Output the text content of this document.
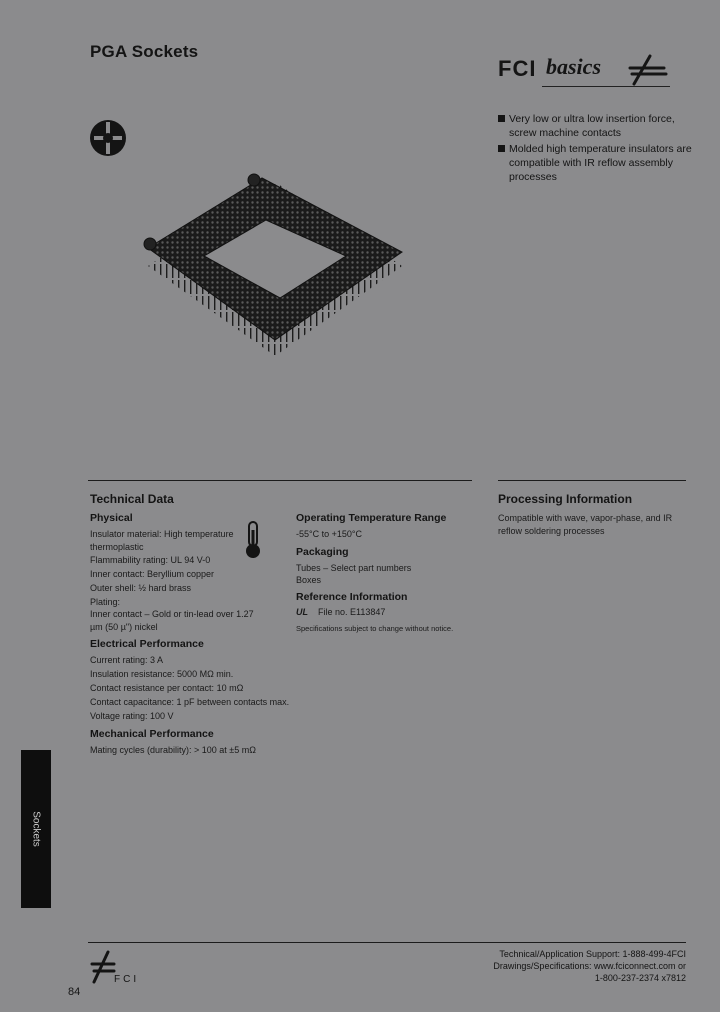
PGA Sockets
FCI basics
Very low or ultra low insertion force, screw machine contacts
Molded high temperature insulators are compatible with IR reflow assembly processes
Technical Data
Physical
Insulator material: High temperature thermoplastic
Flammability rating: UL 94 V-0
Inner contact: Beryllium copper
Outer shell: ½ hard brass
Plating:
Inner contact – Gold or tin-lead over 1.27 µm (50 µ") nickel
Electrical Performance
Current rating: 3 A
Insulation resistance: 5000 MΩ min.
Contact resistance per contact: 10 mΩ
Contact capacitance: 1 pF between contacts max.
Voltage rating: 100 V
Mechanical Performance
Mating cycles (durability): > 100 at ±5 mΩ
Operating Temperature Range
-55°C to +150°C
Packaging
Tubes – Select part numbers
Boxes
Reference Information
UL File no. E113847
Specifications subject to change without notice.
Processing Information
Compatible with wave, vapor-phase, and IR reflow soldering processes
Sockets
FCI
84
Technical/Application Support: 1-888-499-4FCI
Drawings/Specifications: www.fciconnect.com or
1-800-237-2374 x7812
